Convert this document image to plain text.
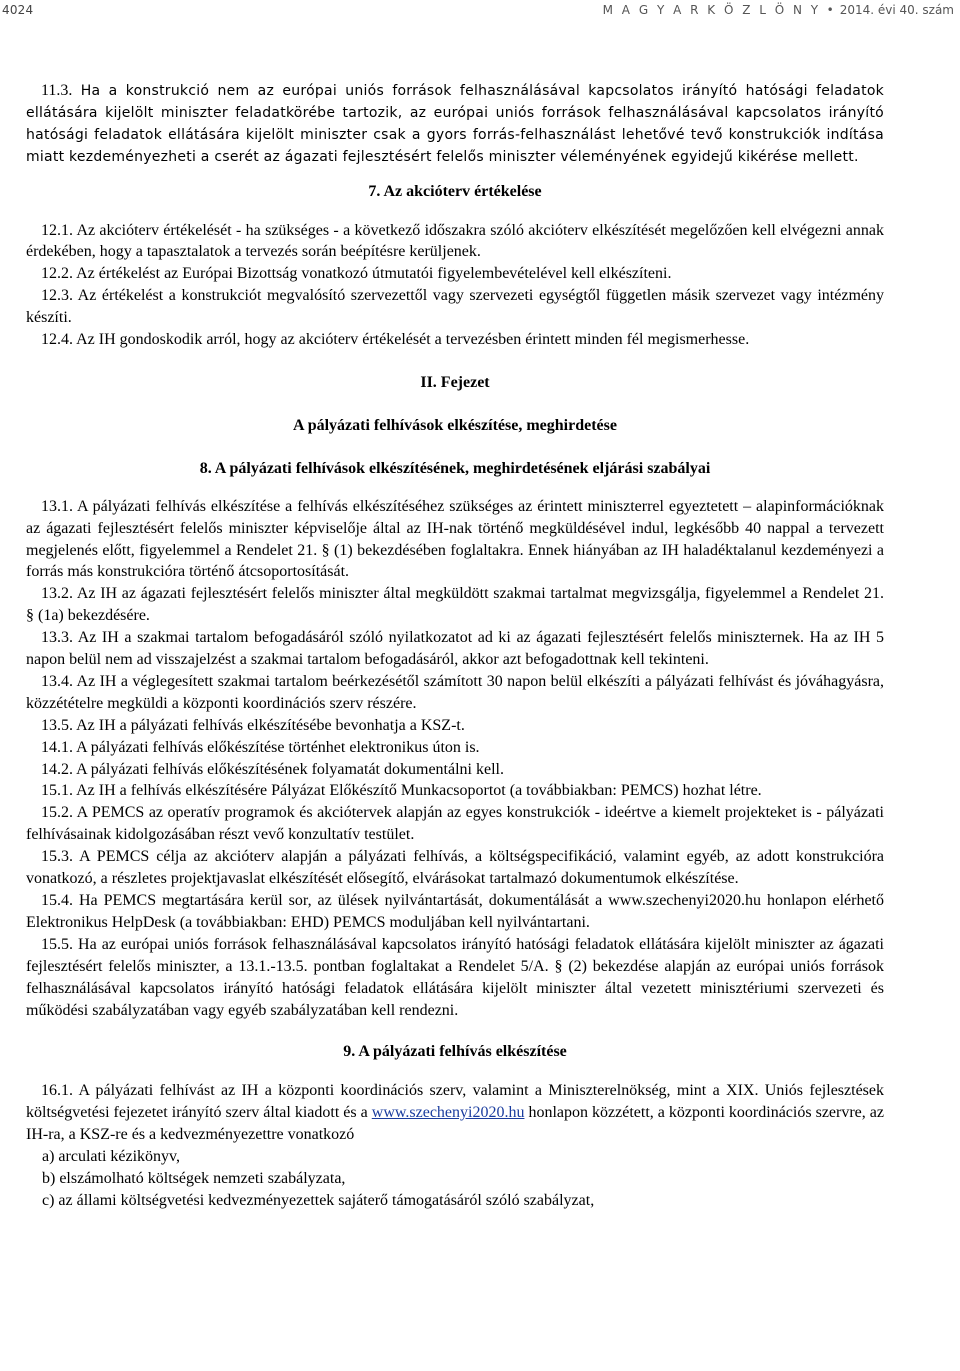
4024	M A G Y A R K Ö Z L Ö N Y • 2014. évi 40. szám

11.3. Ha a konstrukció nem az európai uniós források felhasználásával kapcsolatos irányító hatósági feladatok ellátására kijelölt miniszter feladatkörébe tartozik, az európai uniós források felhasználásával kapcsolatos irányító hatósági feladatok ellátására kijelölt miniszter csak a gyors forrás-felhasználást lehetővé tevő konstrukciók indítása miatt kezdeményezheti a cserét az ágazati fejlesztésért felelős miniszter véleményének egyidejű kikérése mellett.

7. Az akcióterv értékelése

12.1. Az akcióterv értékelését - ha szükséges - a következő időszakra szóló akcióterv elkészítését megelőzően kell elvégezni annak érdekében, hogy a tapasztalatok a tervezés során beépítésre kerüljenek.

12.2. Az értékelést az Európai Bizottság vonatkozó útmutatói figyelembevételével kell elkészíteni.

12.3. Az értékelést a konstrukciót megvalósító szervezettől vagy szervezeti egységtől független másik szervezet vagy intézmény készíti.

12.4. Az IH gondoskodik arról, hogy az akcióterv értékelését a tervezésben érintett minden fél megismerhesse.

II. Fejezet
A pályázati felhívások elkészítése, meghirdetése
8. A pályázati felhívások elkészítésének, meghirdetésének eljárási szabályai

13.1. A pályázati felhívás elkészítése a felhívás elkészítéséhez szükséges az érintett miniszterrel egyeztetett – alapinformációknak az ágazati fejlesztésért felelős miniszter képviselője által az IH-nak történő megküldésével indul, legkésőbb 40 nappal a tervezett megjelenés előtt, figyelemmel a Rendelet 21. § (1) bekezdésében foglaltakra. Ennek hiányában az IH haladéktalanul kezdeményezi a forrás más konstrukcióra történő átcsoportosítását.

13.2. Az IH az ágazati fejlesztésért felelős miniszter által megküldött szakmai tartalmat megvizsgálja, figyelemmel a Rendelet 21. § (1a) bekezdésére.

13.3. Az IH a szakmai tartalom befogadásáról szóló nyilatkozatot ad ki az ágazati fejlesztésért felelős miniszternek. Ha az IH 5 napon belül nem ad visszajelzést a szakmai tartalom befogadásáról, akkor azt befogadottnak kell tekinteni.

13.4. Az IH a véglegesített szakmai tartalom beérkezésétől számított 30 napon belül elkészíti a pályázati felhívást és jóváhagyásra, közzétételre megküldi a központi koordinációs szerv részére.

13.5. Az IH a pályázati felhívás elkészítésébe bevonhatja a KSZ-t.

14.1. A pályázati felhívás előkészítése történhet elektronikus úton is.

14.2. A pályázati felhívás előkészítésének folyamatát dokumentálni kell.

15.1. Az IH a felhívás elkészítésére Pályázat Előkészítő Munkacsoportot (a továbbiakban: PEMCS) hozhat létre.

15.2. A PEMCS az operatív programok és akciótervek alapján az egyes konstrukciók - ideértve a kiemelt projekteket is - pályázati felhívásainak kidolgozásában részt vevő konzultatív testület.

15.3. A PEMCS célja az akcióterv alapján a pályázati felhívás, a költségspecifikáció, valamint egyéb, az adott konstrukcióra vonatkozó, a részletes projektjavaslat elkészítését elősegítő, elvárásokat tartalmazó dokumentumok elkészítése.

15.4. Ha PEMCS megtartására kerül sor, az ülések nyilvántartását, dokumentálását a www.szechenyi2020.hu honlapon elérhető Elektronikus HelpDesk (a továbbiakban: EHD) PEMCS moduljában kell nyilvántartani.

15.5. Ha az európai uniós források felhasználásával kapcsolatos irányító hatósági feladatok ellátására kijelölt miniszter az ágazati fejlesztésért felelős miniszter, a 13.1.-13.5. pontban foglaltakat a Rendelet 5/A. § (2) bekezdése alapján az európai uniós források felhasználásával kapcsolatos irányító hatósági feladatok ellátására kijelölt miniszter által vezetett minisztériumi szervezeti és működési szabályzatában vagy egyéb szabályzatában kell rendezni.

9. A pályázati felhívás elkészítése

16.1. A pályázati felhívást az IH a központi koordinációs szerv, valamint a Miniszterelnökség, mint a XIX. Uniós fejlesztések költségvetési fejezetet irányító szerv által kiadott és a www.szechenyi2020.hu honlapon közzétett, a központi koordinációs szervre, az IH-ra, a KSZ-re és a kedvezményezettre vonatkozó

a) arculati kézikönyv,

b) elszámolható költségek nemzeti szabályzata,

c) az állami költségvetési kedvezményezettek sajáterő támogatásáról szóló szabályzat,
